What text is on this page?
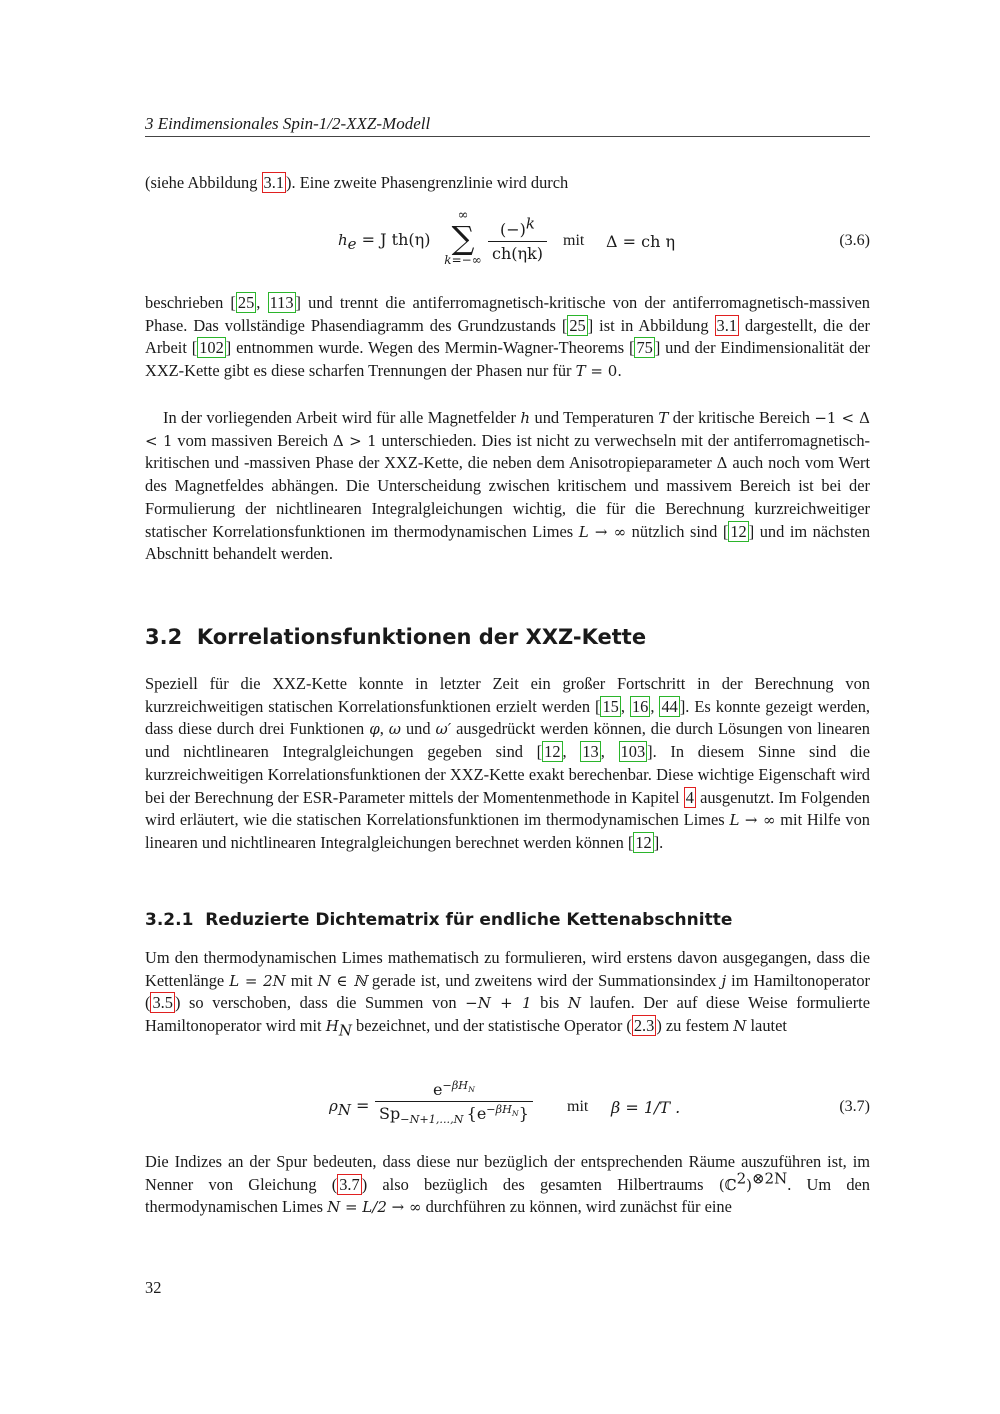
3 Eindimensionales Spin-1/2-XXZ-Modell

(siehe Abbildung 3.1 ). Eine zweite Phasengrenzlinie wird durch

$h_e = J$ th(η)
∞
∑
$k=-\infty \frac{(-)^k}{ch(\eta k)}$ mit Δ = ch η	(3.6)

beschrieben [ 25 , 113 ] und trennt die antiferromagnetisch-kritische von der antiferromagnetisch-massiven Phase. Das vollständige Phasendiagramm des Grundzustands [ 25 ] ist in Abbildung 3.1 dargestellt, die der Arbeit [ 102 ] entnommen wurde. Wegen des Mermin-Wagner-Theorems [ 75 ] und der Eindimensionalität der XXZ-Kette gibt es diese scharfen Trennungen der Phasen nur für T = 0.

In der vorliegenden Arbeit wird für alle Magnetfelder h und Temperaturen T der kritische Bereich −1 < Δ < 1 vom massiven Bereich Δ > 1 unterschieden. Dies ist nicht zu verwechseln mit der antiferromagnetisch-kritischen und -massiven Phase der XXZ-Kette, die neben dem Anisotropieparameter Δ auch noch vom Wert des Magnetfeldes abhängen. Die Unterscheidung zwischen kritischem und massivem Bereich ist bei der Formulierung der nichtlinearen Integralgleichungen wichtig, die für die Berechnung kurzreichweitiger statischer Korrelationsfunktionen im thermodynamischen Limes L → ∞ nützlich sind [ 12 ] und im nächsten Abschnitt behandelt werden.

3.2 Korrelationsfunktionen der XXZ-Kette

Speziell für die XXZ-Kette konnte in letzter Zeit ein großer Fortschritt in der Berechnung von kurzreichweitigen statischen Korrelationsfunktionen erzielt werden [ 15 , 16 , 44 ]. Es konnte gezeigt werden, dass diese durch drei Funktionen φ, ω und ω′ ausgedrückt werden können, die durch Lösungen von linearen und nichtlinearen Integralgleichungen gegeben sind [ 12 , 13 , 103 ]. In diesem Sinne sind die kurzreichweitigen Korrelationsfunktionen der XXZ-Kette exakt berechenbar. Diese wichtige Eigenschaft wird bei der Berechnung der ESR-Parameter mittels der Momentenmethode in Kapitel 4 ausgenutzt. Im Folgenden wird erläutert, wie die statischen Korrelationsfunktionen im thermodynamischen Limes L → ∞ mit Hilfe von linearen und nichtlinearen Integralgleichungen berechnet werden können [ 12 ].

3.2.1 Reduzierte Dichtematrix für endliche Kettenabschnitte

Um den thermodynamischen Limes mathematisch zu formulieren, wird erstens davon ausgegangen, dass die Kettenlänge L = 2N mit N ∈ ℕ gerade ist, und zweitens wird der Summationsindex j im Hamiltonoperator ( 3.5 ) so verschoben, dass die Summen von −N + 1 bis N laufen. Der auf diese Weise formulierte Hamiltonoperator wird mit $H_N$ bezeichnet, und der statistische Operator ( 2.3 ) zu festem N lautet

$\rho_N$ =
$e^{-\beta H_N}$
$Sp_{-N+1,...,N}$  $\{e^{-\beta H_N}\}$ mit β = 1/T .	(3.7)

Die Indizes an der Spur bedeuten, dass diese nur bezüglich der entsprechenden Räume auszuführen ist, im Nenner von Gleichung ( 3.7 ) also bezüglich des gesamten Hilbertraums (ℂ$^2$)$^{\otimes 2N}$. Um den thermodynamischen Limes N = L/2 → ∞ durchführen zu können, wird zunächst für eine

32
